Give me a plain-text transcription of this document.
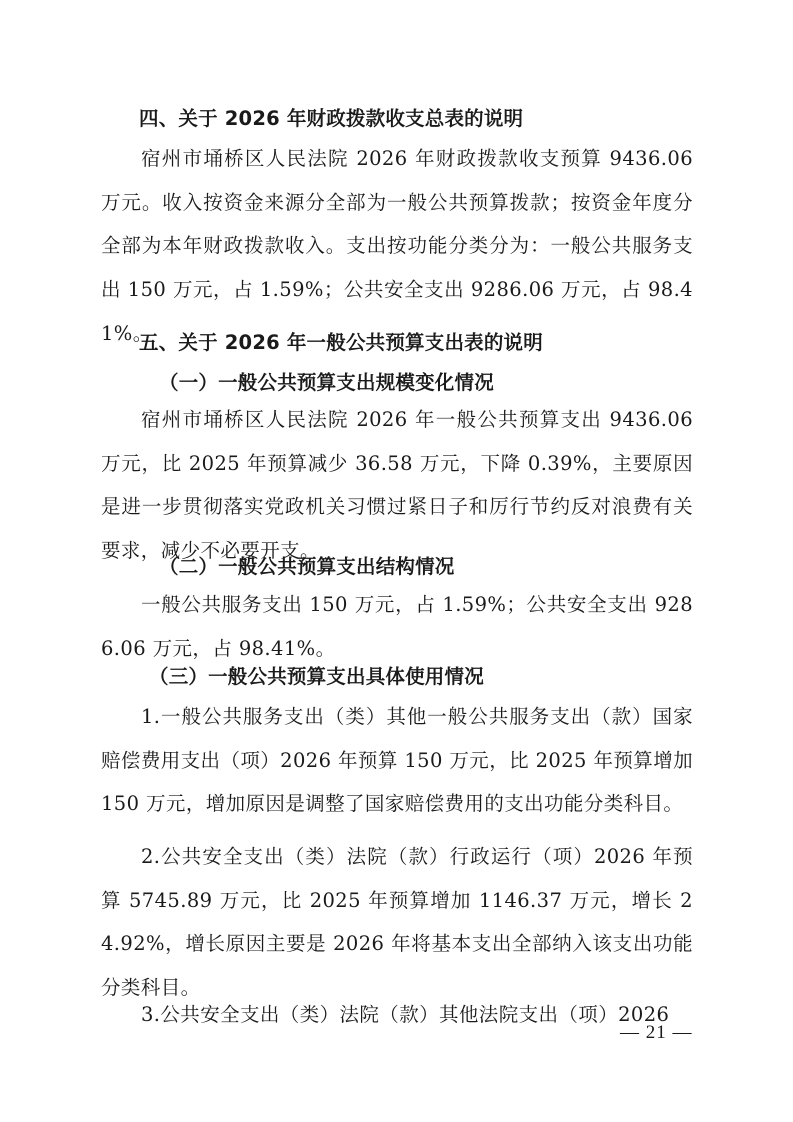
四、关于 2026 年财政拨款收支总表的说明

宿州市埇桥区人民法院 2026 年财政拨款收支预算 9436.06 万元。收入按资金来源分全部为一般公共预算拨款；按资金年度分全部为本年财政拨款收入。支出按功能分类分为：一般公共服务支出 150 万元，占 1.59%；公共安全支出 9286.06 万元，占 98.41%。

五、关于 2026 年一般公共预算支出表的说明
（一）一般公共预算支出规模变化情况

宿州市埇桥区人民法院 2026 年一般公共预算支出 9436.06 万元，比 2025 年预算减少 36.58 万元，下降 0.39%，主要原因是进一步贯彻落实党政机关习惯过紧日子和厉行节约反对浪费有关要求，减少不必要开支。

（二）一般公共预算支出结构情况

一般公共服务支出 150 万元，占 1.59%；公共安全支出 9286.06 万元，占 98.41%。

（三）一般公共预算支出具体使用情况

1.一般公共服务支出（类）其他一般公共服务支出（款）国家赔偿费用支出（项）2026 年预算 150 万元，比 2025 年预算增加 150 万元，增加原因是调整了国家赔偿费用的支出功能分类科目。

2.公共安全支出（类）法院（款）行政运行（项）2026 年预算 5745.89 万元，比 2025 年预算增加 1146.37 万元，增长 24.92%，增长原因主要是 2026 年将基本支出全部纳入该支出功能分类科目。

3.公共安全支出（类）法院（款）其他法院支出（项）2026

— 21 —
